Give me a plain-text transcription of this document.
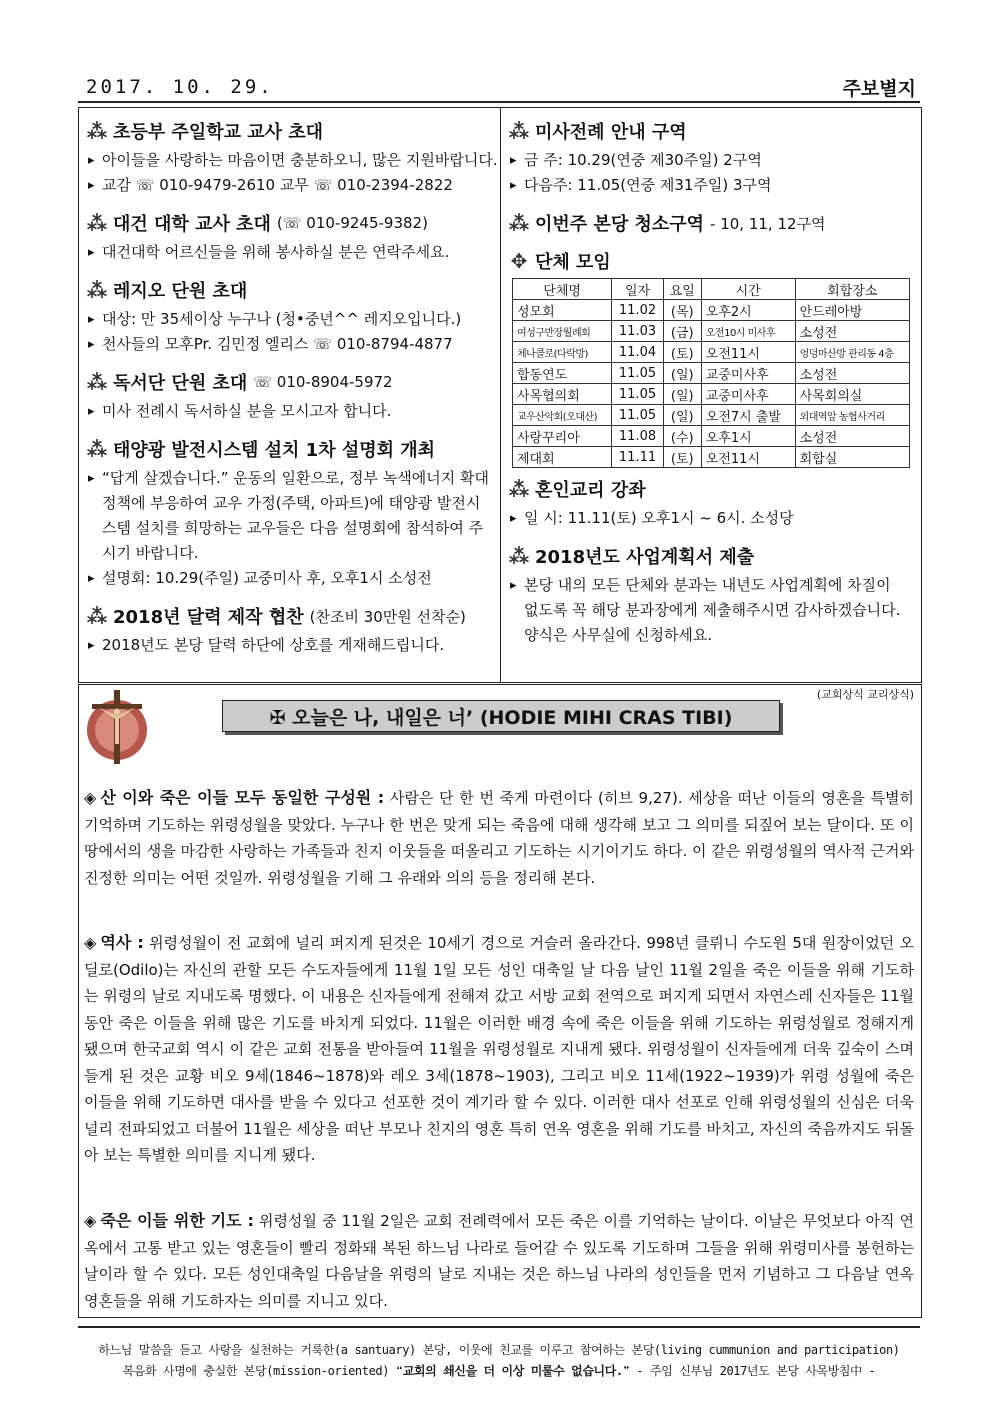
2017. 10. 29.	주보별지
⁂ 초등부 주일학교 교사 초대
▸ 아이들을 사랑하는 마음이면 충분하오니, 많은 지원바랍니다.
▸ 교감 ☏ 010-9479-2610 교무 ☏ 010-2394-2822
⁂ 대건 대학 교사 초대 (☏ 010-9245-9382)
▸ 대건대학 어르신들을 위해 봉사하실 분은 연락주세요.
⁂ 레지오 단원 초대
▸ 대상: 만 35세이상 누구나 (청•중년^^ 레지오입니다.)
▸ 천사들의 모후Pr. 김민정 엘리스 ☏ 010-8794-4877
⁂ 독서단 단원 초대 ☏ 010-8904-5972
▸ 미사 전례시 독서하실 분을 모시고자 합니다.
⁂ 태양광 발전시스템 설치 1차 설명회 개최
▸ “답게 살겠습니다.” 운동의 일환으로, 정부 녹색에너지 확대정책에 부응하여 교우 가정(주택, 아파트)에 태양광 발전시스템 설치를 희망하는 교우들은 다음 설명회에 참석하여 주시기 바랍니다.
▸ 설명회: 10.29(주일) 교중미사 후, 오후1시 소성전
⁂ 2018년 달력 제작 협찬 (찬조비 30만원 선착순)
▸ 2018년도 본당 달력 하단에 상호를 게재해드립니다.
⁂ 미사전례 안내 구역
▸ 금 주: 10.29(연중 제30주일) 2구역
▸ 다음주: 11.05(연중 제31주일) 3구역
⁂ 이번주 본당 청소구역 - 10, 11, 12구역
✥ 단체 모임
단체명	일자	요일	시간	회합장소
성모회	11.02	(목)	오후2시	안드레아방
여성구반장월례회	11.03	(금)	오전10시 미사후	소성전
체나콜로(다락방)	11.04	(토)	오전11시	엉덩마산방 관리동 4층
합동연도	11.05	(일)	교중미사후	소성전
사목협의회	11.05	(일)	교중미사후	사목회의실
교우산악회(오대산)	11.05	(일)	오전7시 출발	외대역앞 농협사거리
사랑꾸리아	11.08	(수)	오후1시	소성전
제대회	11.11	(토)	오전11시	회합실
⁂ 혼인교리 강좌
▸ 일 시: 11.11(토) 오후1시 ~ 6시. 소성당
⁂ 2018년도 사업계획서 제출
▸ 본당 내의 모든 단체와 분과는 내년도 사업계획에 차질이 없도록 꼭 해당 분과장에게 제출해주시면 감사하겠습니다. 양식은 사무실에 신청하세요.
(교회상식 교리상식)
✠ 오늘은 나, 내일은 너’ (HODIE MIHI CRAS TIBI)
◈ 산 이와 죽은 이들 모두 동일한 구성원 : 사람은 단 한 번 죽게 마련이다 (히브 9,27). 세상을 떠난 이들의 영혼을 특별히 기억하며 기도하는 위령성월을 맞았다. 누구나 한 번은 맞게 되는 죽음에 대해 생각해 보고 그 의미를 되짚어 보는 달이다. 또 이 땅에서의 생을 마감한 사랑하는 가족들과 친지 이웃들을 떠올리고 기도하는 시기이기도 하다. 이 같은 위령성월의 역사적 근거와 진정한 의미는 어떤 것일까. 위령성월을 기해 그 유래와 의의 등을 정리해 본다.
◈ 역사 : 위령성월이 전 교회에 널리 퍼지게 된것은 10세기 경으로 거슬러 올라간다. 998년 클뤼니 수도원 5대 원장이었던 오딜로(Odilo)는 자신의 관할 모든 수도자들에게 11월 1일 모든 성인 대축일 날 다음 날인 11월 2일을 죽은 이들을 위해 기도하는 위령의 날로 지내도록 명했다. 이 내용은 신자들에게 전해져 갔고 서방 교회 전역으로 퍼지게 되면서 자연스레 신자들은 11월 동안 죽은 이들을 위해 많은 기도를 바치게 되었다. 11월은 이러한 배경 속에 죽은 이들을 위해 기도하는 위령성월로 정해지게 됐으며 한국교회 역시 이 같은 교회 전통을 받아들여 11월을 위령성월로 지내게 됐다. 위령성월이 신자들에게 더욱 깊숙이 스며들게 된 것은 교황 비오 9세(1846~1878)와 레오 3세(1878~1903), 그리고 비오 11세(1922~1939)가 위령 성월에 죽은 이들을 위해 기도하면 대사를 받을 수 있다고 선포한 것이 계기라 할 수 있다. 이러한 대사 선포로 인해 위령성월의 신심은 더욱 널리 전파되었고 더불어 11월은 세상을 떠난 부모나 친지의 영혼 특히 연옥 영혼을 위해 기도를 바치고, 자신의 죽음까지도 뒤돌아 보는 특별한 의미를 지니게 됐다.
◈ 죽은 이들 위한 기도 : 위령성월 중 11월 2일은 교회 전례력에서 모든 죽은 이를 기억하는 날이다. 이날은 무엇보다 아직 연옥에서 고통 받고 있는 영혼들이 빨리 정화돼 복된 하느님 나라로 들어갈 수 있도록 기도하며 그들을 위해 위령미사를 봉헌하는 날이라 할 수 있다. 모든 성인대축일 다음날을 위령의 날로 지내는 것은 하느님 나라의 성인들을 먼저 기념하고 그 다음날 연옥 영혼들을 위해 기도하자는 의미를 지니고 있다.
하느님 말씀을 듣고 사랑을 실천하는 거룩한(a santuary) 본당, 이웃에 친교를 이루고 참여하는 본당(living cummunion and participation)
복음화 사명에 충실한 본당(mission-oriented) ❝교회의 쇄신을 더 이상 미룰수 없습니다.❞ - 주임 신부님 2017년도 본당 사목방침中 -
